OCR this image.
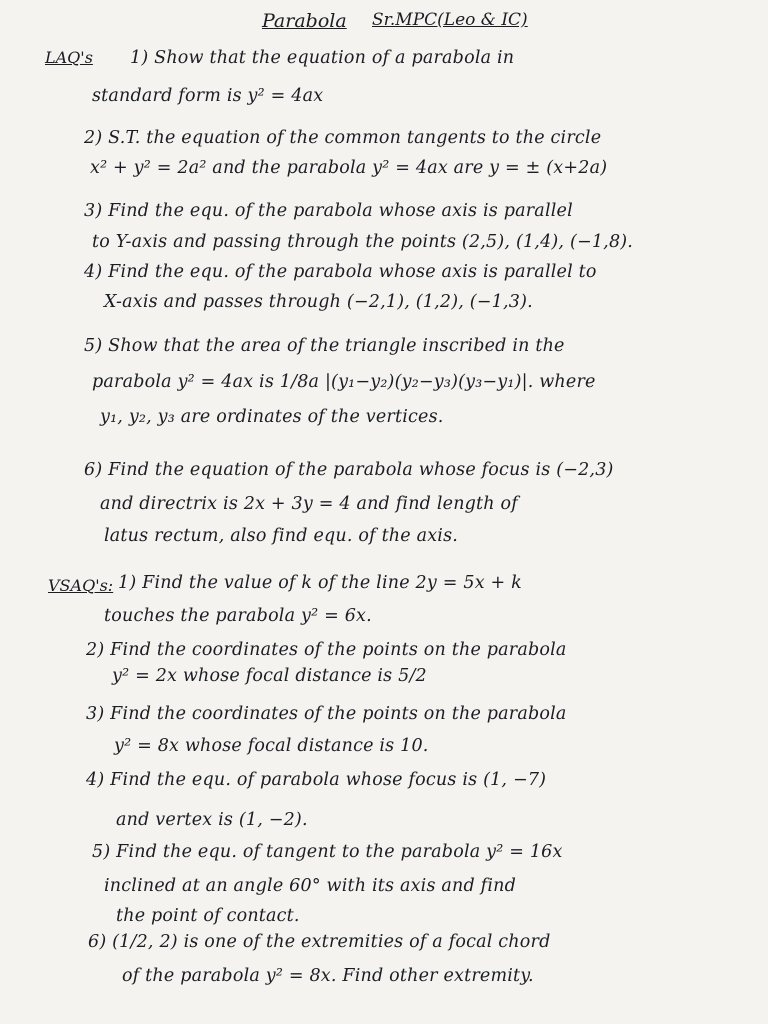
Parabola Sr.MPC(Leo & IC)
LAQ's 1) Show that the equation of a parabola in
standard form is y² = 4ax
2) S.T. the equation of the common tangents to the circle
x² + y² = 2a² and the parabola y² = 4ax are y = ± (x+2a)
3) Find the equ. of the parabola whose axis is parallel
to Y-axis and passing through the points (2,5), (1,4), (−1,8).
4) Find the equ. of the parabola whose axis is parallel to
X-axis and passes through (−2,1), (1,2), (−1,3).
5) Show that the area of the triangle inscribed in the
parabola y² = 4ax is 1/8a |(y₁−y₂)(y₂−y₃)(y₃−y₁)|. where
y₁, y₂, y₃ are ordinates of the vertices.
6) Find the equation of the parabola whose focus is (−2,3)
and directrix is 2x + 3y = 4 and find length of
latus rectum, also find equ. of the axis.
VSAQ's: 1) Find the value of k of the line 2y = 5x + k
touches the parabola y² = 6x.
2) Find the coordinates of the points on the parabola
y² = 2x whose focal distance is 5/2
3) Find the coordinates of the points on the parabola
y² = 8x whose focal distance is 10.
4) Find the equ. of parabola whose focus is (1, −7)
and vertex is (1, −2).
5) Find the equ. of tangent to the parabola y² = 16x
inclined at an angle 60° with its axis and find
the point of contact.
6) (1/2, 2) is one of the extremities of a focal chord
of the parabola y² = 8x. Find other extremity.
